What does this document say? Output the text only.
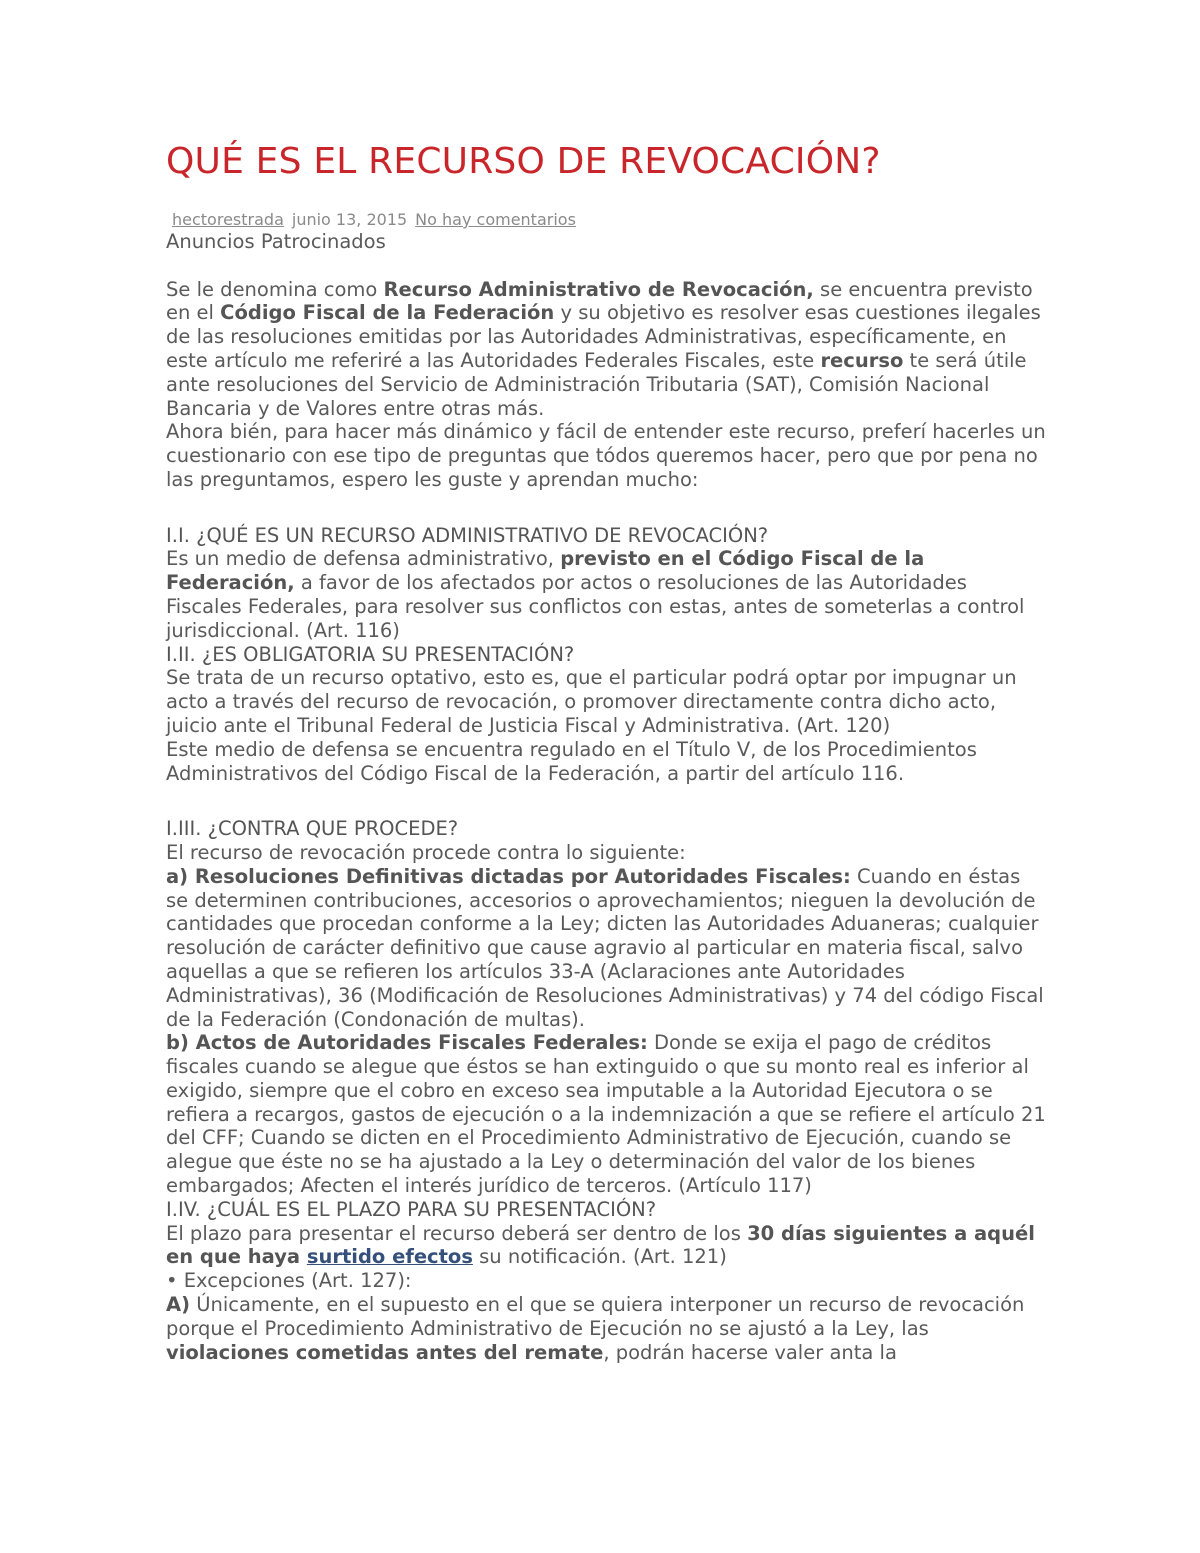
QUÉ ES EL RECURSO DE REVOCACIÓN?
hectorestrada junio 13, 2015 No hay comentarios

Anuncios Patrocinados

Se le denomina como Recurso Administrativo de Revocación, se encuentra previsto en el Código Fiscal de la Federación y su objetivo es resolver esas cuestiones ilegales de las resoluciones emitidas por las Autoridades Administrativas, específicamente, en este artículo me referiré a las Autoridades Federales Fiscales, este recurso te será útile ante resoluciones del Servicio de Administración Tributaria (SAT), Comisión Nacional Bancaria y de Valores entre otras más.

Ahora bién, para hacer más dinámico y fácil de entender este recurso, preferí hacerles un cuestionario con ese tipo de preguntas que tódos queremos hacer, pero que por pena no las preguntamos, espero les guste y aprendan mucho:

I.I. ¿QUÉ ES UN RECURSO ADMINISTRATIVO DE REVOCACIÓN?

Es un medio de defensa administrativo, previsto en el Código Fiscal de la Federación, a favor de los afectados por actos o resoluciones de las Autoridades Fiscales Federales, para resolver sus conflictos con estas, antes de someterlas a control jurisdiccional. (Art. 116)

I.II. ¿ES OBLIGATORIA SU PRESENTACIÓN?

Se trata de un recurso optativo, esto es, que el particular podrá optar por impugnar un acto a través del recurso de revocación, o promover directamente contra dicho acto, juicio ante el Tribunal Federal de Justicia Fiscal y Administrativa. (Art. 120)

Este medio de defensa se encuentra regulado en el Título V, de los Procedimientos Administrativos del Código Fiscal de la Federación, a partir del artículo 116.

I.III. ¿CONTRA QUE PROCEDE?

El recurso de revocación procede contra lo siguiente:

a) Resoluciones Definitivas dictadas por Autoridades Fiscales: Cuando en éstas se determinen contribuciones, accesorios o aprovechamientos; nieguen la devolución de cantidades que procedan conforme a la Ley; dicten las Autoridades Aduaneras; cualquier resolución de carácter definitivo que cause agravio al particular en materia fiscal, salvo aquellas a que se refieren los artículos 33-A (Aclaraciones ante Autoridades Administrativas), 36 (Modificación de Resoluciones Administrativas) y 74 del código Fiscal de la Federación (Condonación de multas).

b) Actos de Autoridades Fiscales Federales: Donde se exija el pago de créditos fiscales cuando se alegue que éstos se han extinguido o que su monto real es inferior al exigido, siempre que el cobro en exceso sea imputable a la Autoridad Ejecutora o se refiera a recargos, gastos de ejecución o a la indemnización a que se refiere el artículo 21 del CFF; Cuando se dicten en el Procedimiento Administrativo de Ejecución, cuando se alegue que éste no se ha ajustado a la Ley o determinación del valor de los bienes embargados; Afecten el interés jurídico de terceros. (Artículo 117)

I.IV. ¿CUÁL ES EL PLAZO PARA SU PRESENTACIÓN?

El plazo para presentar el recurso deberá ser dentro de los 30 días siguientes a aquél en que haya surtido efectos su notificación. (Art. 121)

• Excepciones (Art. 127):

A) Únicamente, en el supuesto en el que se quiera interponer un recurso de revocación porque el Procedimiento Administrativo de Ejecución no se ajustó a la Ley, las violaciones cometidas antes del remate, podrán hacerse valer anta la
